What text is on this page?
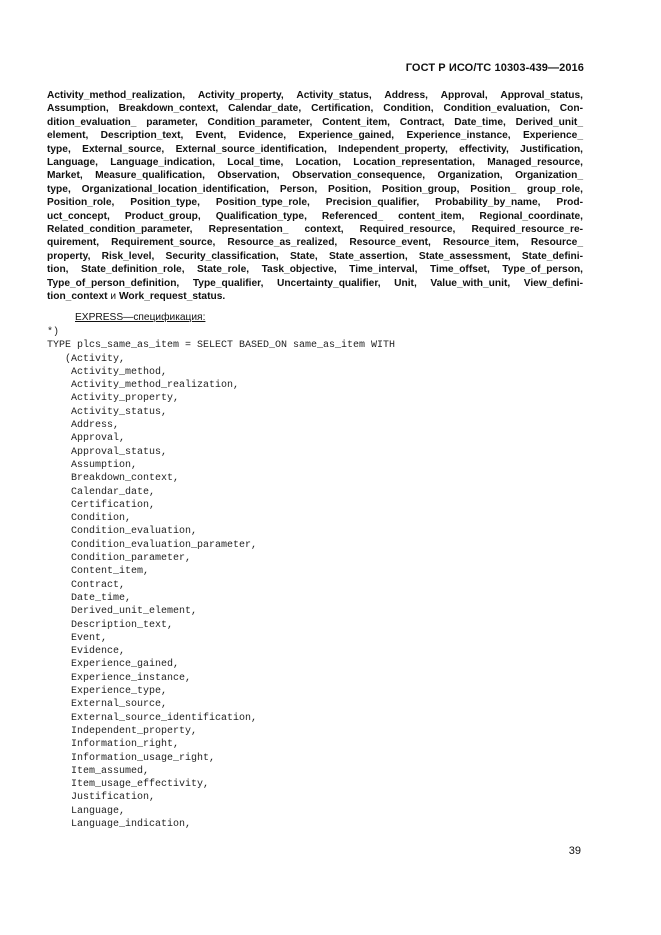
ГОСТ Р ИСО/ТС 10303-439—2016
Activity_method_realization, Activity_property, Activity_status, Address, Approval, Approval_status,
Assumption, Breakdown_context, Calendar_date, Certification, Condition, Condition_evaluation, Con-
dition_evaluation_ parameter, Condition_parameter, Content_item, Contract, Date_time, Derived_unit_
element, Description_text, Event, Evidence, Experience_gained, Experience_instance, Experience_
type, External_source, External_source_identification, Independent_property, effectivity, Justification,
Language, Language_indication, Local_time, Location, Location_representation, Managed_resource,
Market, Measure_qualification, Observation, Observation_consequence, Organization, Organization_
type, Organizational_location_identification, Person, Position, Position_group, Position_ group_role,
Position_role, Position_type, Position_type_role, Precision_qualifier, Probability_by_name, Prod-
uct_concept, Product_group, Qualification_type, Referenced_ content_item, Regional_coordinate,
Related_condition_parameter, Representation_ context, Required_resource, Required_resource_re-
quirement, Requirement_source, Resource_as_realized, Resource_event, Resource_item, Resource_
property, Risk_level, Security_classification, State, State_assertion, State_assessment, State_defini-
tion, State_definition_role, State_role, Task_objective, Time_interval, Time_offset, Type_of_person,
Type_of_person_definition, Type_qualifier, Uncertainty_qualifier, Unit, Value_with_unit, View_defini-
tion_context и Work_request_status.
EXPRESS—спецификация:
*)
TYPE plcs_same_as_item = SELECT BASED_ON same_as_item WITH
(Activity,
Activity_method,
Activity_method_realization,
Activity_property,
Activity_status,
Address,
Approval,
Approval_status,
Assumption,
Breakdown_context,
Calendar_date,
Certification,
Condition,
Condition_evaluation,
Condition_evaluation_parameter,
Condition_parameter,
Content_item,
Contract,
Date_time,
Derived_unit_element,
Description_text,
Event,
Evidence,
Experience_gained,
Experience_instance,
Experience_type,
External_source,
External_source_identification,
Independent_property,
Information_right,
Information_usage_right,
Item_assumed,
Item_usage_effectivity,
Justification,
Language,
Language_indication,
39
